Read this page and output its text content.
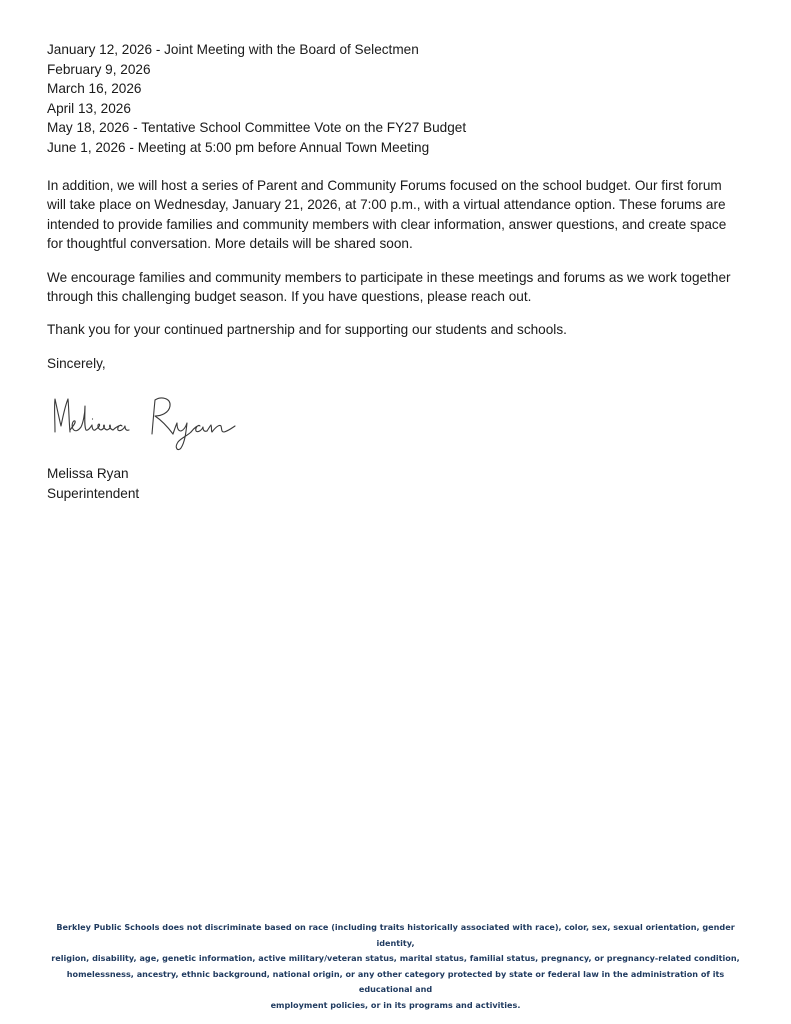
January 12, 2026 - Joint Meeting with the Board of Selectmen
February 9, 2026
March 16, 2026
April 13, 2026
May 18, 2026 - Tentative School Committee Vote on the FY27 Budget
June 1, 2026 - Meeting at 5:00 pm before Annual Town Meeting

In addition, we will host a series of Parent and Community Forums focused on the school budget. Our first forum will take place on Wednesday, January 21, 2026, at 7:00 p.m., with a virtual attendance option. These forums are intended to provide families and community members with clear information, answer questions, and create space for thoughtful conversation. More details will be shared soon.

We encourage families and community members to participate in these meetings and forums as we work together through this challenging budget season. If you have questions, please reach out.

Thank you for your continued partnership and for supporting our students and schools.

Sincerely,

Melissa Ryan
Superintendent
Berkley Public Schools does not discriminate based on race (including traits historically associated with race), color, sex, sexual orientation, gender identity,
religion, disability, age, genetic information, active military/veteran status, marital status, familial status, pregnancy, or pregnancy-related condition,
homelessness, ancestry, ethnic background, national origin, or any other category protected by state or federal law in the administration of its educational and
employment policies, or in its programs and activities.
